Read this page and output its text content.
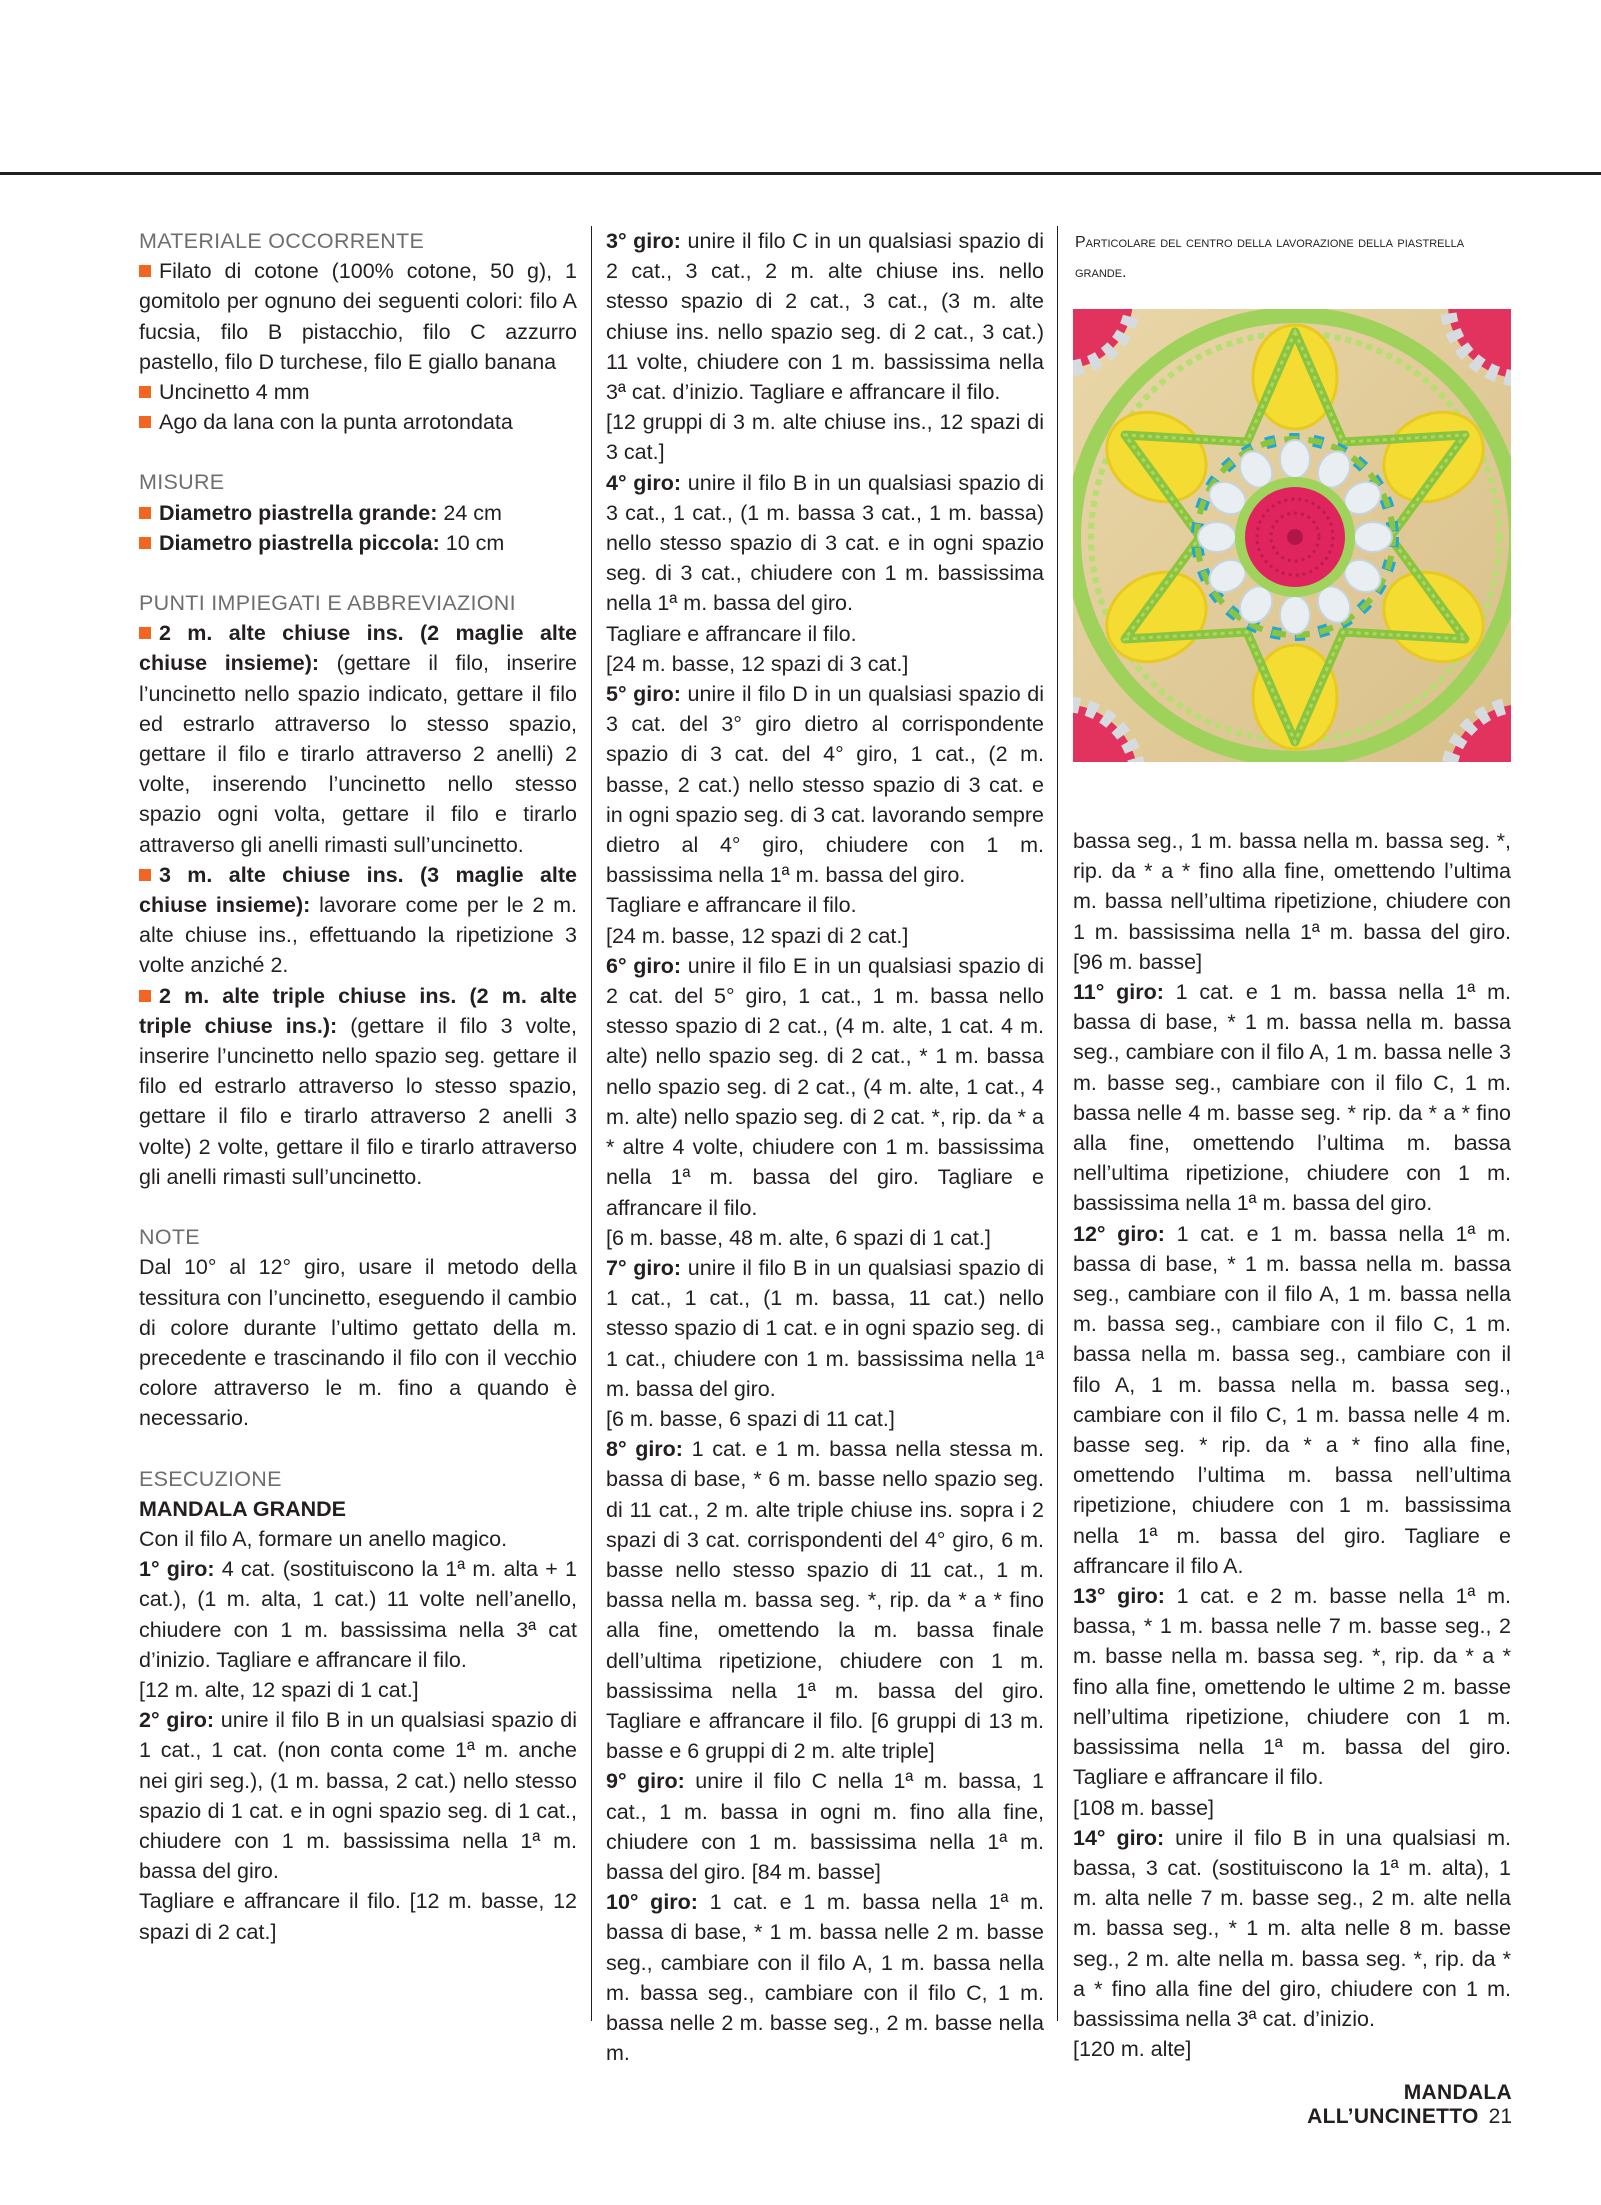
MATERIALE OCCORRENTE

Filato di cotone (100% cotone, 50 g), 1 gomitolo per ognuno dei seguenti colori: filo A fucsia, filo B pistacchio, filo C azzurro pastello, filo D turchese, filo E giallo banana

Uncinetto 4 mm

Ago da lana con la punta arrotondata

MISURE

Diametro piastrella grande: 24 cm

Diametro piastrella piccola: 10 cm

PUNTI IMPIEGATI E ABBREVIAZIONI

2 m. alte chiuse ins. (2 maglie alte chiuse insieme): (gettare il filo, inserire l’uncinetto nello spazio indicato, gettare il filo ed estrarlo attraverso lo stesso spazio, gettare il filo e tirarlo attraverso 2 anelli) 2 volte, inserendo l’uncinetto nello stesso spazio ogni volta, gettare il filo e tirarlo attraverso gli anelli rimasti sull’uncinetto.

3 m. alte chiuse ins. (3 maglie alte chiuse insieme): lavorare come per le 2 m. alte chiuse ins., effettuando la ripetizione 3 volte anziché 2.

2 m. alte triple chiuse ins. (2 m. alte triple chiuse ins.): (gettare il filo 3 volte, inserire l’uncinetto nello spazio seg. gettare il filo ed estrarlo attraverso lo stesso spazio, gettare il filo e tirarlo attraverso 2 anelli 3 volte) 2 volte, gettare il filo e tirarlo attraverso gli anelli rimasti sull’uncinetto.

NOTE

Dal 10° al 12° giro, usare il metodo della tessitura con l’uncinetto, eseguendo il cambio di colore durante l’ultimo gettato della m. precedente e trascinando il filo con il vecchio colore attraverso le m. fino a quando è necessario.

ESECUZIONE

MANDALA GRANDE

Con il filo A, formare un anello magico.

1° giro: 4 cat. (sostituiscono la 1ª m. alta + 1 cat.), (1 m. alta, 1 cat.) 11 volte nell’anello, chiudere con 1 m. bassissima nella 3ª cat d’inizio. Tagliare e affrancare il filo.

[12 m. alte, 12 spazi di 1 cat.]

2° giro: unire il filo B in un qualsiasi spazio di 1 cat., 1 cat. (non conta come 1ª m. anche nei giri seg.), (1 m. bassa, 2 cat.) nello stesso spazio di 1 cat. e in ogni spazio seg. di 1 cat., chiudere con 1 m. bassissima nella 1ª m. bassa del giro.

Tagliare e affrancare il filo. [12 m. basse, 12 spazi di 2 cat.]

3° giro: unire il filo C in un qualsiasi spazio di 2 cat., 3 cat., 2 m. alte chiuse ins. nello stesso spazio di 2 cat., 3 cat., (3 m. alte chiuse ins. nello spazio seg. di 2 cat., 3 cat.) 11 volte, chiudere con 1 m. bassissima nella 3ª cat. d’inizio. Tagliare e affrancare il filo.

[12 gruppi di 3 m. alte chiuse ins., 12 spazi di 3 cat.]

4° giro: unire il filo B in un qualsiasi spazio di 3 cat., 1 cat., (1 m. bassa 3 cat., 1 m. bassa) nello stesso spazio di 3 cat. e in ogni spazio seg. di 3 cat., chiudere con 1 m. bassissima nella 1ª m. bassa del giro.

Tagliare e affrancare il filo.

[24 m. basse, 12 spazi di 3 cat.]

5° giro: unire il filo D in un qualsiasi spazio di 3 cat. del 3° giro dietro al corrispondente spazio di 3 cat. del 4° giro, 1 cat., (2 m. basse, 2 cat.) nello stesso spazio di 3 cat. e in ogni spazio seg. di 3 cat. lavorando sempre dietro al 4° giro, chiudere con 1 m. bassissima nella 1ª m. bassa del giro.

Tagliare e affrancare il filo.

[24 m. basse, 12 spazi di 2 cat.]

6° giro: unire il filo E in un qualsiasi spazio di 2 cat. del 5° giro, 1 cat., 1 m. bassa nello stesso spazio di 2 cat., (4 m. alte, 1 cat. 4 m. alte) nello spazio seg. di 2 cat., * 1 m. bassa nello spazio seg. di 2 cat., (4 m. alte, 1 cat., 4 m. alte) nello spazio seg. di 2 cat. *, rip. da * a * altre 4 volte, chiudere con 1 m. bassissima nella 1ª m. bassa del giro. Tagliare e affrancare il filo.

[6 m. basse, 48 m. alte, 6 spazi di 1 cat.]

7° giro: unire il filo B in un qualsiasi spazio di 1 cat., 1 cat., (1 m. bassa, 11 cat.) nello stesso spazio di 1 cat. e in ogni spazio seg. di 1 cat., chiudere con 1 m. bassissima nella 1ª m. bassa del giro.

[6 m. basse, 6 spazi di 11 cat.]

8° giro: 1 cat. e 1 m. bassa nella stessa m. bassa di base, * 6 m. basse nello spazio seg. di 11 cat., 2 m. alte triple chiuse ins. sopra i 2 spazi di 3 cat. corrispondenti del 4° giro, 6 m. basse nello stesso spazio di 11 cat., 1 m. bassa nella m. bassa seg. *, rip. da * a * fino alla fine, omettendo la m. bassa finale dell’ultima ripetizione, chiudere con 1 m. bassissima nella 1ª m. bassa del giro. Tagliare e affrancare il filo. [6 gruppi di 13 m. basse e 6 gruppi di 2 m. alte triple]

9° giro: unire il filo C nella 1ª m. bassa, 1 cat., 1 m. bassa in ogni m. fino alla fine, chiudere con 1 m. bassissima nella 1ª m. bassa del giro. [84 m. basse]

10° giro: 1 cat. e 1 m. bassa nella 1ª m. bassa di base, * 1 m. bassa nelle 2 m. basse seg., cambiare con il filo A, 1 m. bassa nella m. bassa seg., cambiare con il filo C, 1 m. bassa nelle 2 m. basse seg., 2 m. basse nella m.

Particolare del centro della lavorazione della piastrella grande.

bassa seg., 1 m. bassa nella m. bassa seg. *, rip. da * a * fino alla fine, omettendo l’ultima m. bassa nell’ultima ripetizione, chiudere con 1 m. bassissima nella 1ª m. bassa del giro. [96 m. basse]

11° giro: 1 cat. e 1 m. bassa nella 1ª m. bassa di base, * 1 m. bassa nella m. bassa seg., cambiare con il filo A, 1 m. bassa nelle 3 m. basse seg., cambiare con il filo C, 1 m. bassa nelle 4 m. basse seg. * rip. da * a * fino alla fine, omettendo l’ultima m. bassa nell’ultima ripetizione, chiudere con 1 m. bassissima nella 1ª m. bassa del giro.

12° giro: 1 cat. e 1 m. bassa nella 1ª m. bassa di base, * 1 m. bassa nella m. bassa seg., cambiare con il filo A, 1 m. bassa nella m. bassa seg., cambiare con il filo C, 1 m. bassa nella m. bassa seg., cambiare con il filo A, 1 m. bassa nella m. bassa seg., cambiare con il filo C, 1 m. bassa nelle 4 m. basse seg. * rip. da * a * fino alla fine, omettendo l’ultima m. bassa nell’ultima ripetizione, chiudere con 1 m. bassissima nella 1ª m. bassa del giro. Tagliare e affrancare il filo A.

13° giro: 1 cat. e 2 m. basse nella 1ª m. bassa, * 1 m. bassa nelle 7 m. basse seg., 2 m. basse nella m. bassa seg. *, rip. da * a * fino alla fine, omettendo le ultime 2 m. basse nell’ultima ripetizione, chiudere con 1 m. bassissima nella 1ª m. bassa del giro. Tagliare e affrancare il filo.

[108 m. basse]

14° giro: unire il filo B in una qualsiasi m. bassa, 3 cat. (sostituiscono la 1ª m. alta), 1 m. alta nelle 7 m. basse seg., 2 m. alte nella m. bassa seg., * 1 m. alta nelle 8 m. basse seg., 2 m. alte nella m. bassa seg. *, rip. da * a * fino alla fine del giro, chiudere con 1 m. bassissima nella 3ª cat. d’inizio.

[120 m. alte]

MANDALA ALL’UNCINETTO 21
